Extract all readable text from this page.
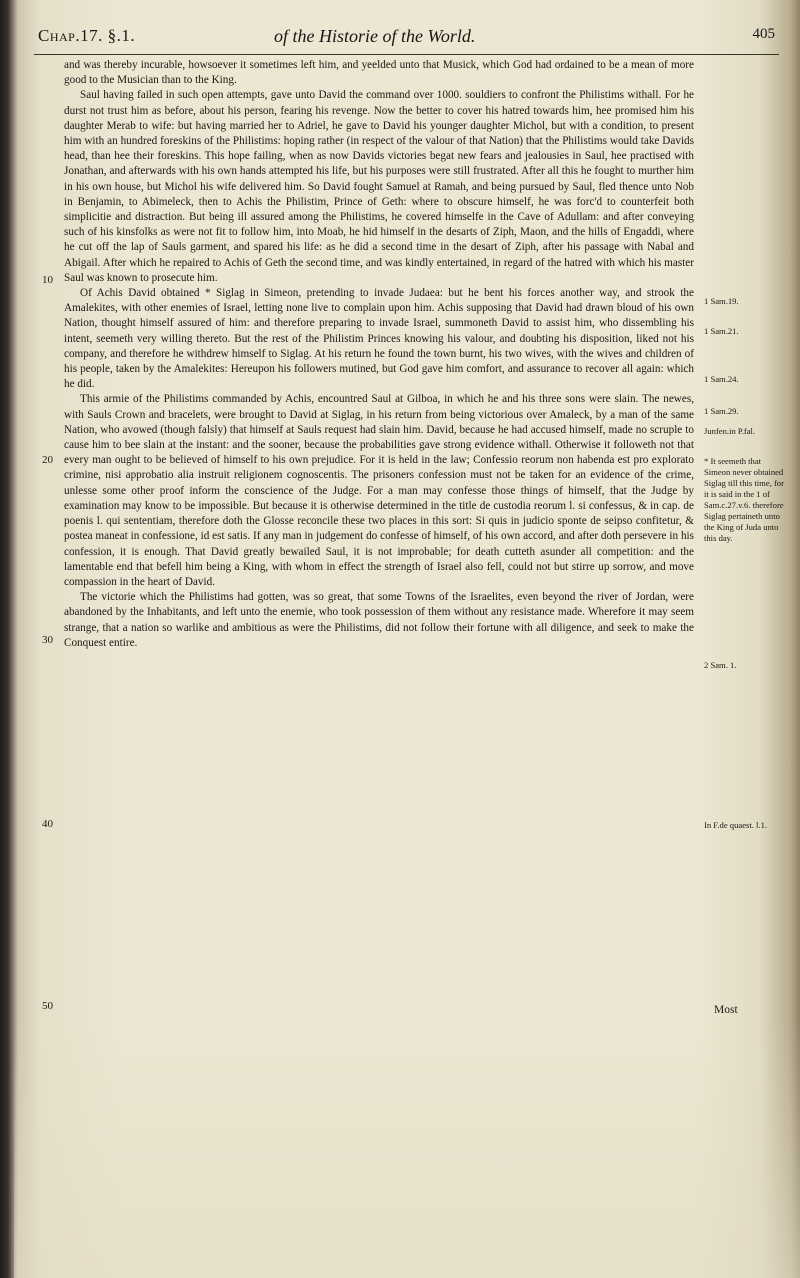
Chap.17. §.1.	of the Historie of the World.	405
10
20
30
40
50

and was thereby incurable, howsoever it sometimes left him, and yeelded unto that Musick, which God had ordained to be a mean of more good to the Musician than to the King.

Saul having failed in such open attempts, gave unto David the command over 1000. souldiers to confront the Philistims withall. For he durst not trust him as before, about his person, fearing his revenge. Now the better to cover his hatred towards him, hee promised him his daughter Merab to wife: but having married her to Adriel, he gave to David his younger daughter Michol, but with a condition, to present him with an hundred foreskins of the Philistims: hoping rather (in respect of the valour of that Nation) that the Philistims would take Davids head, than hee their foreskins. This hope failing, when as now Davids victories begat new fears and jealousies in Saul, hee practised with Jonathan, and afterwards with his own hands attempted his life, but his purposes were still frustrated. After all this he fought to murther him in his own house, but Michol his wife delivered him. So David fought Samuel at Ramah, and being pursued by Saul, fled thence unto Nob in Benjamin, to Abimeleck, then to Achis the Philistim, Prince of Geth: where to obscure himself, he was forc'd to counterfeit both simplicitie and distraction. But being ill assured among the Philistims, he covered himselfe in the Cave of Adullam: and after conveying such of his kinsfolks as were not fit to follow him, into Moab, he hid himself in the desarts of Ziph, Maon, and the hills of Engaddi, where he cut off the lap of Sauls garment, and spared his life: as he did a second time in the desart of Ziph, after his passage with Nabal and Abigail. After which he repaired to Achis of Geth the second time, and was kindly entertained, in regard of the hatred with which his master Saul was known to prosecute him.

Of Achis David obtained * Siglag in Simeon, pretending to invade Judaea: but he bent his forces another way, and strook the Amalekites, with other enemies of Israel, letting none live to complain upon him. Achis supposing that David had drawn bloud of his own Nation, thought himself assured of him: and therefore preparing to invade Israel, summoneth David to assist him, who dissembling his intent, seemeth very willing thereto. But the rest of the Philistim Princes knowing his valour, and doubting his disposition, liked not his company, and therefore he withdrew himself to Siglag. At his return he found the town burnt, his two wives, with the wives and children of his people, taken by the Amalekites: Hereupon his followers mutined, but God gave him comfort, and assurance to recover all again: which he did.

This armie of the Philistims commanded by Achis, encountred Saul at Gilboa, in which he and his three sons were slain. The newes, with Sauls Crown and bracelets, were brought to David at Siglag, in his return from being victorious over Amaleck, by a man of the same Nation, who avowed (though falsly) that himself at Sauls request had slain him. David, because he had accused himself, made no scruple to cause him to bee slain at the instant: and the sooner, because the probabilities gave strong evidence withall. Otherwise it followeth not that every man ought to be believed of himself to his own prejudice. For it is held in the law; Confessio reorum non habenda est pro explorato crimine, nisi approbatio alia instruit religionem cognoscentis. The prisoners confession must not be taken for an evidence of the crime, unlesse some other proof inform the conscience of the Judge. For a man may confesse those things of himself, that the Judge by examination may know to be impossible. But because it is otherwise determined in the title de custodia reorum l. si confessus, & in cap. de poenis l. qui sententiam, therefore doth the Glosse reconcile these two places in this sort: Si quis in judicio sponte de seipso confitetur, & postea maneat in confessione, id est satis. If any man in judgement do confesse of himself, of his own accord, and after doth persevere in his confession, it is enough. That David greatly bewailed Saul, it is not improbable; for death cutteth asunder all competition: and the lamentable end that befell him being a King, with whom in effect the strength of Israel also fell, could not but stirre up sorrow, and move compassion in the heart of David.

The victorie which the Philistims had gotten, was so great, that some Towns of the Israelites, even beyond the river of Jordan, were abandoned by the Inhabitants, and left unto the enemie, who took possession of them without any resistance made. Wherefore it may seem strange, that a nation so warlike and ambitious as were the Philistims, did not follow their fortune with all diligence, and seek to make the Conquest entire.

1 Sam.19.
1 Sam.21.
1 Sam.24.
1 Sam.29.
Junfen.in P.fal.
* It seemeth that Simeon never obtained Siglag till this time, for it is said in the 1 of Sam.c.27.v.6. therefore Siglag pertaineth unto the King of Juda unto this day.
2 Sam. 1.
In F.de quaest. l.1.
Most
